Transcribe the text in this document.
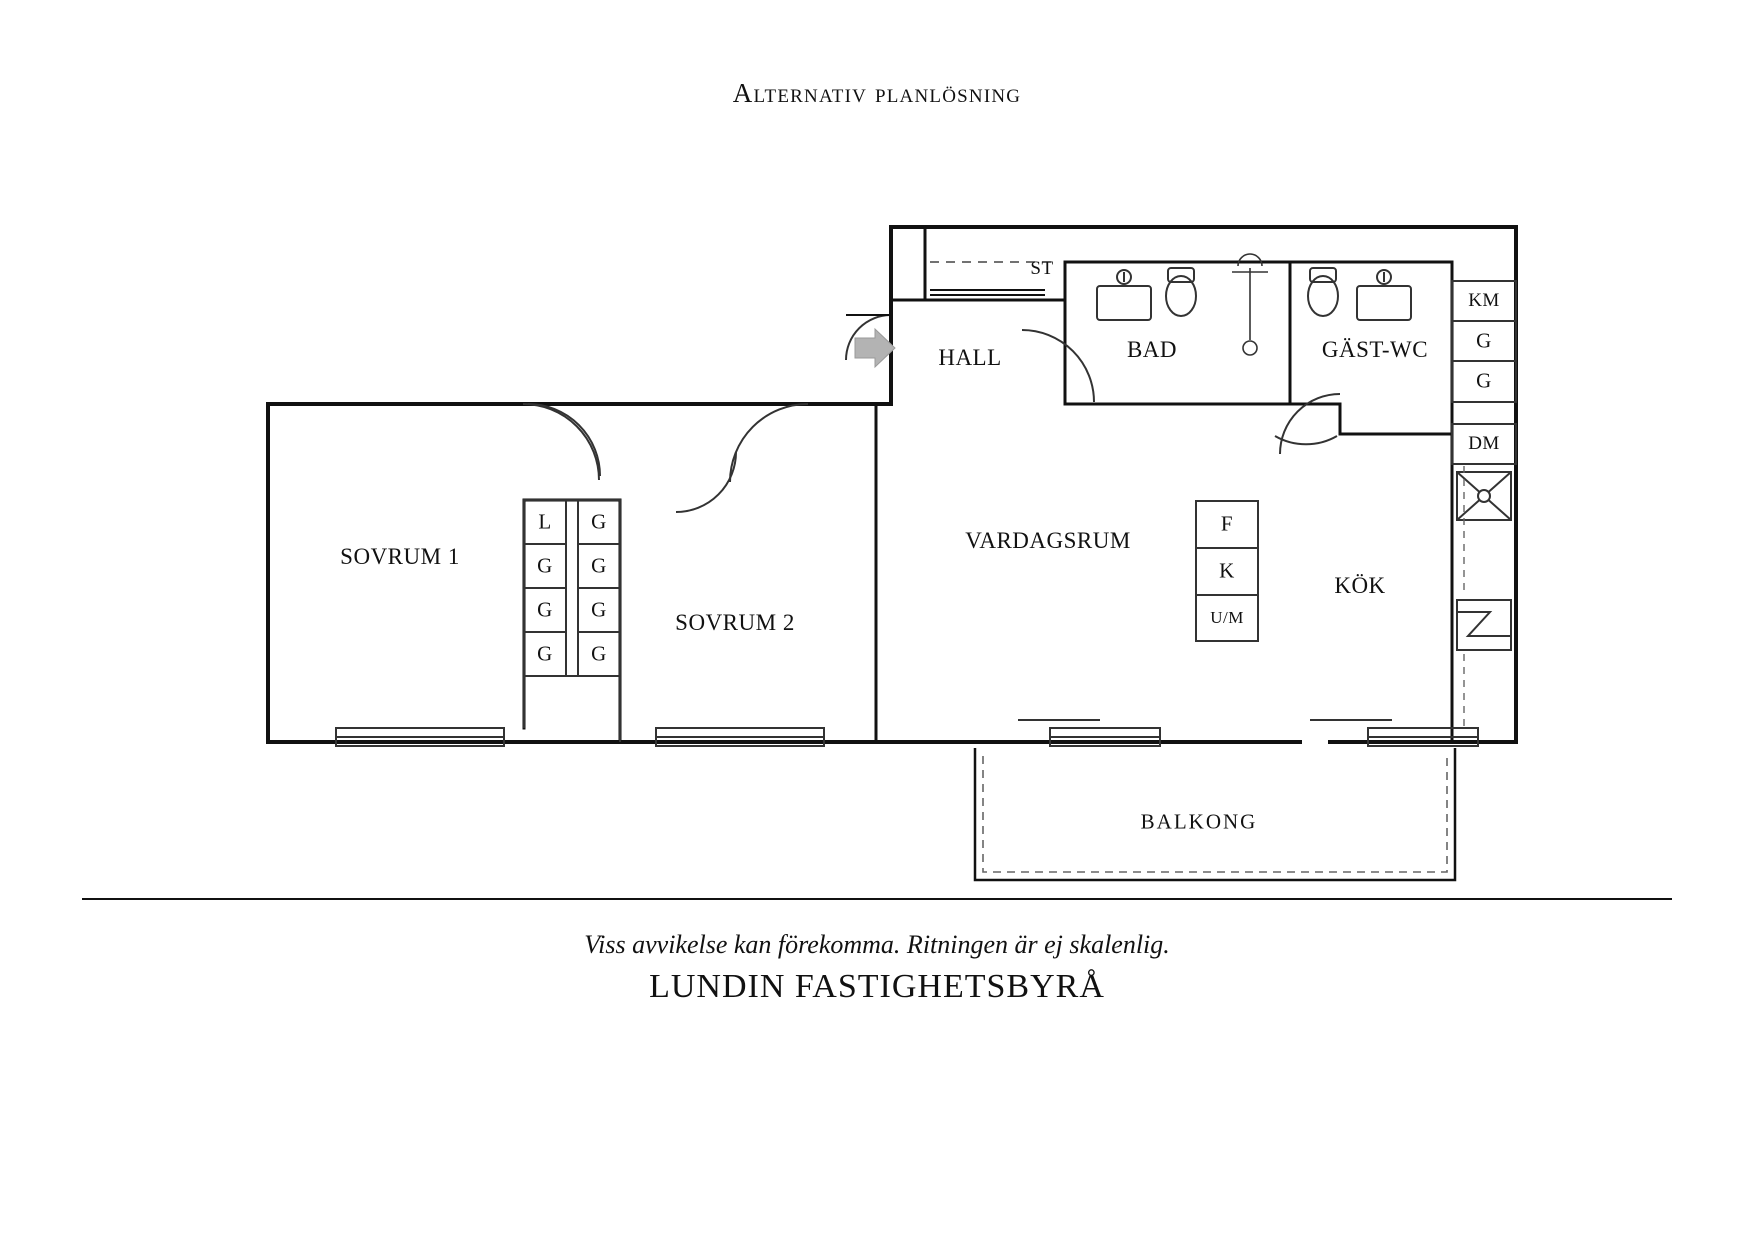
Alternativ planlösning
SOVRUM 1
SOVRUM 2
VARDAGSRUM
KÖK
HALL	BAD	GÄST-WC
BALKONG
ST
L
G
G
G
G
G
G
G
F
K
U/M
KM
G
G
DM
Viss avvikelse kan förekomma. Ritningen är ej skalenlig.
LUNDIN FASTIGHETSBYRÅ
